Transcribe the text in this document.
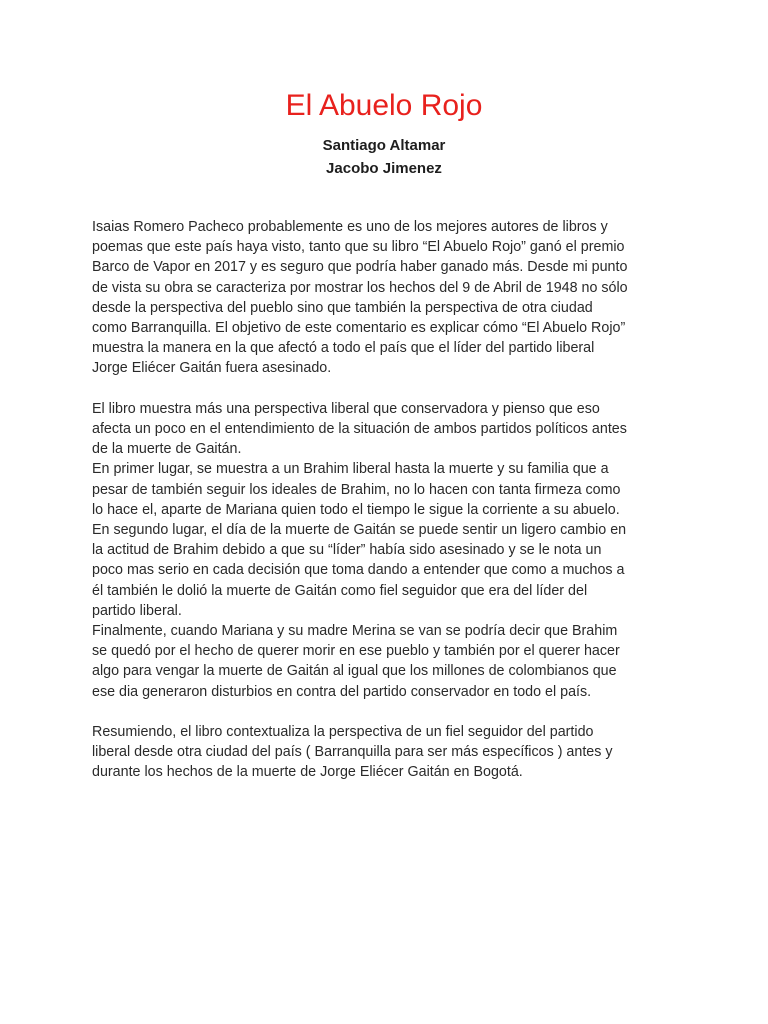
El Abuelo Rojo
Santiago Altamar
Jacobo Jimenez

Isaias Romero Pacheco probablemente es uno de los mejores autores de libros y

poemas que este país haya visto, tanto que su libro “El Abuelo Rojo” ganó el premio

Barco de Vapor en 2017 y es seguro que podría haber ganado más. Desde mi punto

de vista su obra se caracteriza por mostrar los hechos del 9 de Abril de 1948 no sólo

desde la perspectiva del pueblo sino que también la perspectiva de otra ciudad

como Barranquilla. El objetivo de este comentario es explicar cómo “El Abuelo Rojo”

muestra la manera en la que afectó a todo el país que el líder del partido liberal

Jorge Eliécer Gaitán fuera asesinado.

El libro muestra más una perspectiva liberal que conservadora y pienso que eso

afecta un poco en el entendimiento de la situación de ambos partidos políticos antes

de la muerte de Gaitán.

En primer lugar, se muestra a un Brahim liberal hasta la muerte y su familia que a

pesar de también seguir los ideales de Brahim, no lo hacen con tanta firmeza como

lo hace el, aparte de Mariana quien todo el tiempo le sigue la corriente a su abuelo.

En segundo lugar, el día de la muerte de Gaitán se puede sentir un ligero cambio en

la actitud de Brahim debido a que su “líder” había sido asesinado y se le nota un

poco mas serio en cada decisión que toma dando a entender que como a muchos a

él también le dolió la muerte de Gaitán como fiel seguidor que era del líder del

partido liberal.

Finalmente, cuando Mariana y su madre Merina se van se podría decir que Brahim

se quedó por el hecho de querer morir en ese pueblo y también por el querer hacer

algo para vengar la muerte de Gaitán al igual que los millones de colombianos que

ese dia generaron disturbios en contra del partido conservador en todo el país.

Resumiendo, el libro contextualiza la perspectiva de un fiel seguidor del partido

liberal desde otra ciudad del país ( Barranquilla para ser más específicos ) antes y

durante los hechos de la muerte de Jorge Eliécer Gaitán en Bogotá.
